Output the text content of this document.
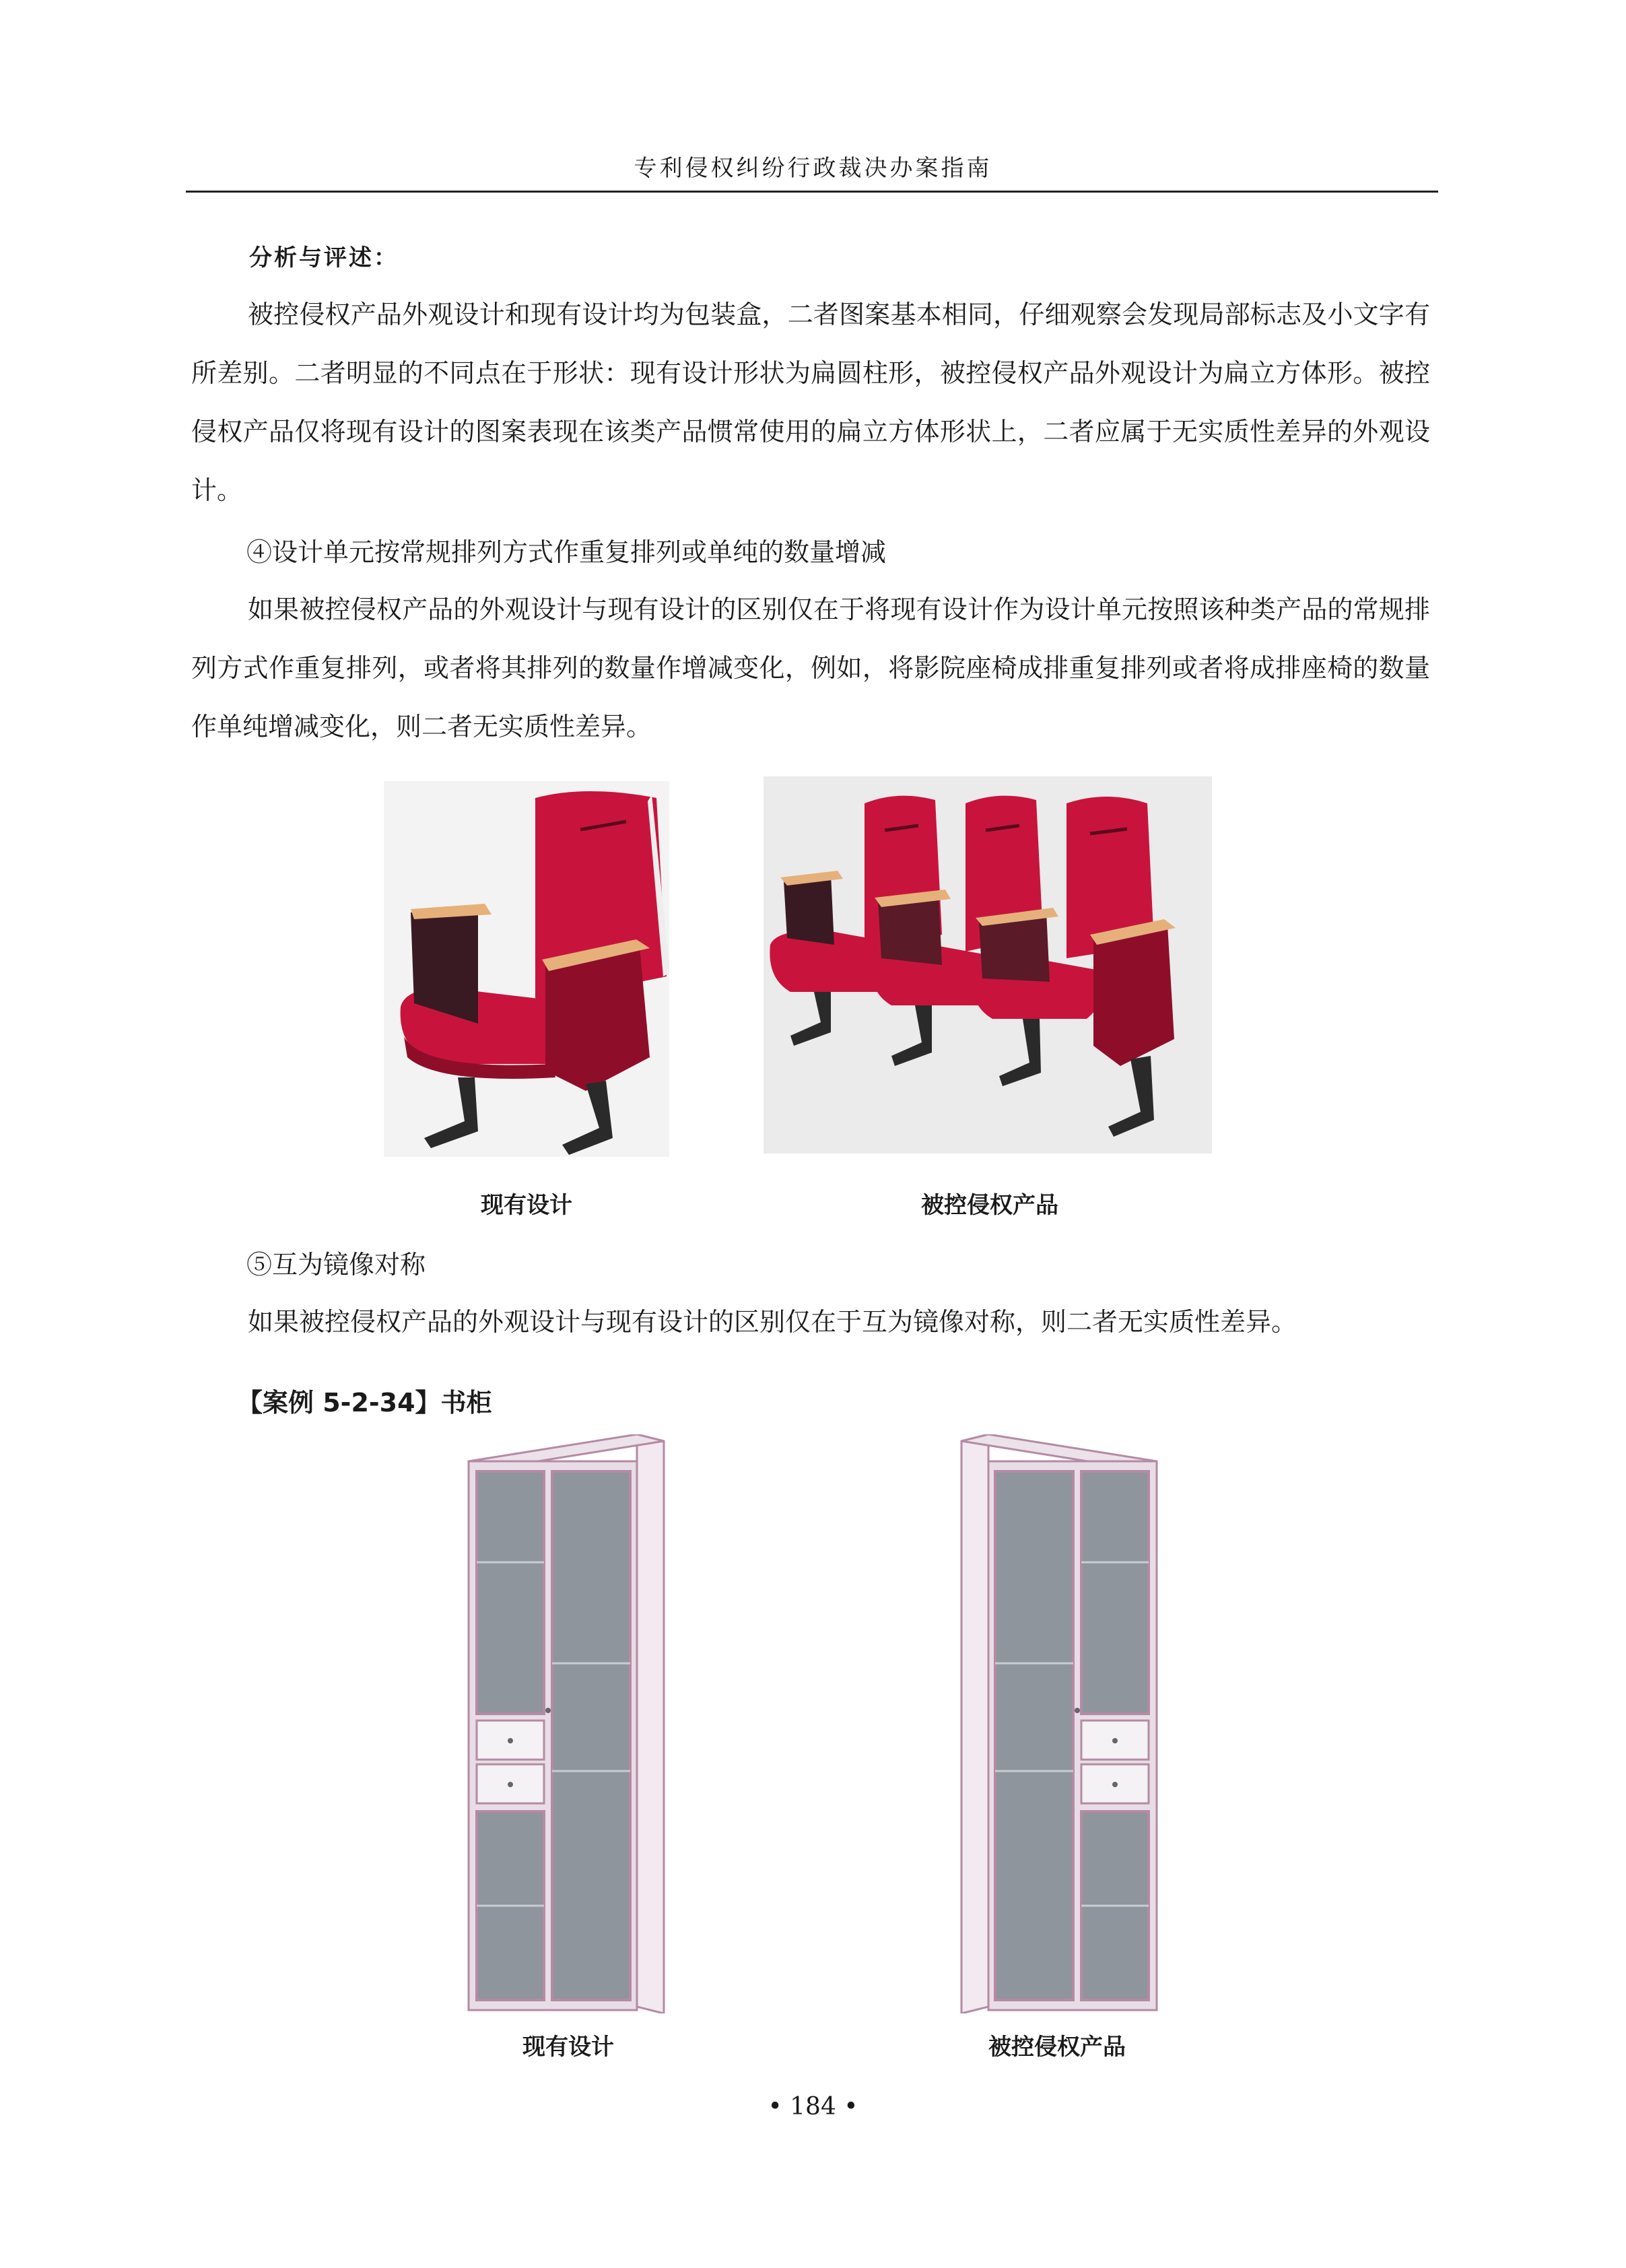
专利侵权纠纷行政裁决办案指南
分析与评述：

被控侵权产品外观设计和现有设计均为包装盒，二者图案基本相同，仔细观察会发现局部标志及小文字有所差别。二者明显的不同点在于形状：现有设计形状为扁圆柱形，被控侵权产品外观设计为扁立方体形。被控侵权产品仅将现有设计的图案表现在该类产品惯常使用的扁立方体形状上，二者应属于无实质性差异的外观设计。

④设计单元按常规排列方式作重复排列或单纯的数量增减

如果被控侵权产品的外观设计与现有设计的区别仅在于将现有设计作为设计单元按照该种类产品的常规排列方式作重复排列，或者将其排列的数量作增减变化，例如，将影院座椅成排重复排列或者将成排座椅的数量作单纯增减变化，则二者无实质性差异。

现有设计	被控侵权产品
⑤互为镜像对称

如果被控侵权产品的外观设计与现有设计的区别仅在于互为镜像对称，则二者无实质性差异。

【案例 5-2-34】书柜
现有设计	被控侵权产品
• 184 •
